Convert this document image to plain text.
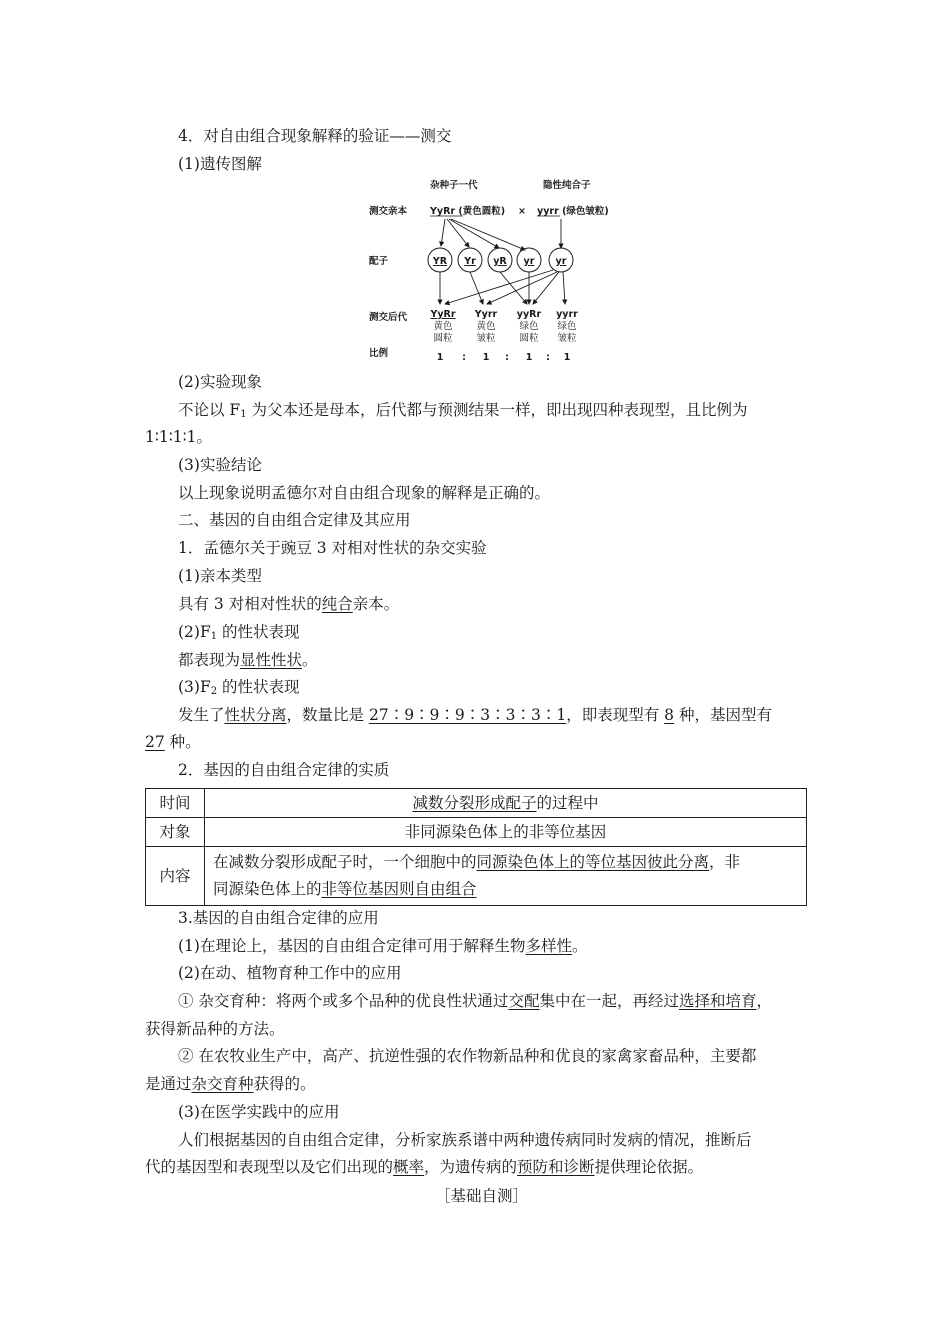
4．对自由组合现象解释的验证——测交
(1)遗传图解
杂种子一代	隐性纯合子
测交亲本 YyRr (黄色圆粒) × yyrr (绿色皱粒)
配子	YR Yr yR yr yr
测交后代 YyRr
黄色
圆粒
Yyrr
黄色
皱粒
yyRr
绿色
圆粒
yyrr
绿色
皱粒
比例	1 : 1 : 1 : 1
(2)实验现象
不论以 $F_1$ 为父本还是母本，后代都与预测结果一样，即出现四种表现型，且比例为
1∶1∶1∶1。
(3)实验结论
以上现象说明孟德尔对自由组合现象的解释是正确的。
二、基因的自由组合定律及其应用
1．孟德尔关于豌豆 3 对相对性状的杂交实验
(1)亲本类型
具有 3 对相对性状的纯合亲本。
$(2)F_1$ 的性状表现
都表现为显性性状。
$(3)F_2$ 的性状表现
发生了性状分离，数量比是 27∶9∶9∶9∶3∶3∶3∶1，即表现型有 8 种，基因型有
27 种。
2．基因的自由组合定律的实质
时间	减数分裂形成配子的过程中
对象	非同源染色体上的非等位基因
内容	在减数分裂形成配子时，一个细胞中的同源染色体上的等位基因彼此分离，非
同源染色体上的非等位基因则自由组合
3.基因的自由组合定律的应用
(1)在理论上，基因的自由组合定律可用于解释生物多样性。
(2)在动、植物育种工作中的应用
① 杂交育种：将两个或多个品种的优良性状通过交配集中在一起，再经过选择和培育，
获得新品种的方法。
② 在农牧业生产中，高产、抗逆性强的农作物新品种和优良的家禽家畜品种，主要都
是通过杂交育种获得的。
(3)在医学实践中的应用
人们根据基因的自由组合定律，分析家族系谱中两种遗传病同时发病的情况，推断后
代的基因型和表现型以及它们出现的概率，为遗传病的预防和诊断提供理论依据。
［基础自测］
